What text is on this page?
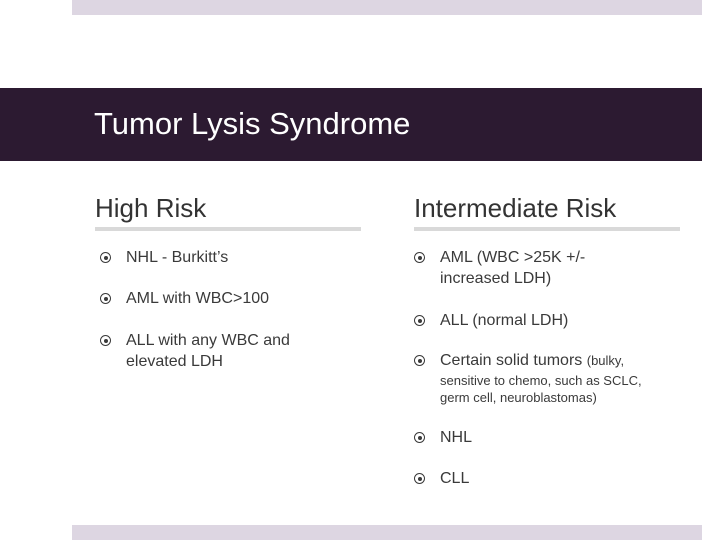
Tumor Lysis Syndrome
High Risk
NHL - Burkitt’s
AML with WBC>100
ALL with any WBC and
elevated LDH
Intermediate Risk
AML (WBC >25K +/-
increased LDH)
ALL (normal LDH)
Certain solid tumors (bulky,
sensitive to chemo, such as SCLC,
germ cell, neuroblastomas)
NHL
CLL
